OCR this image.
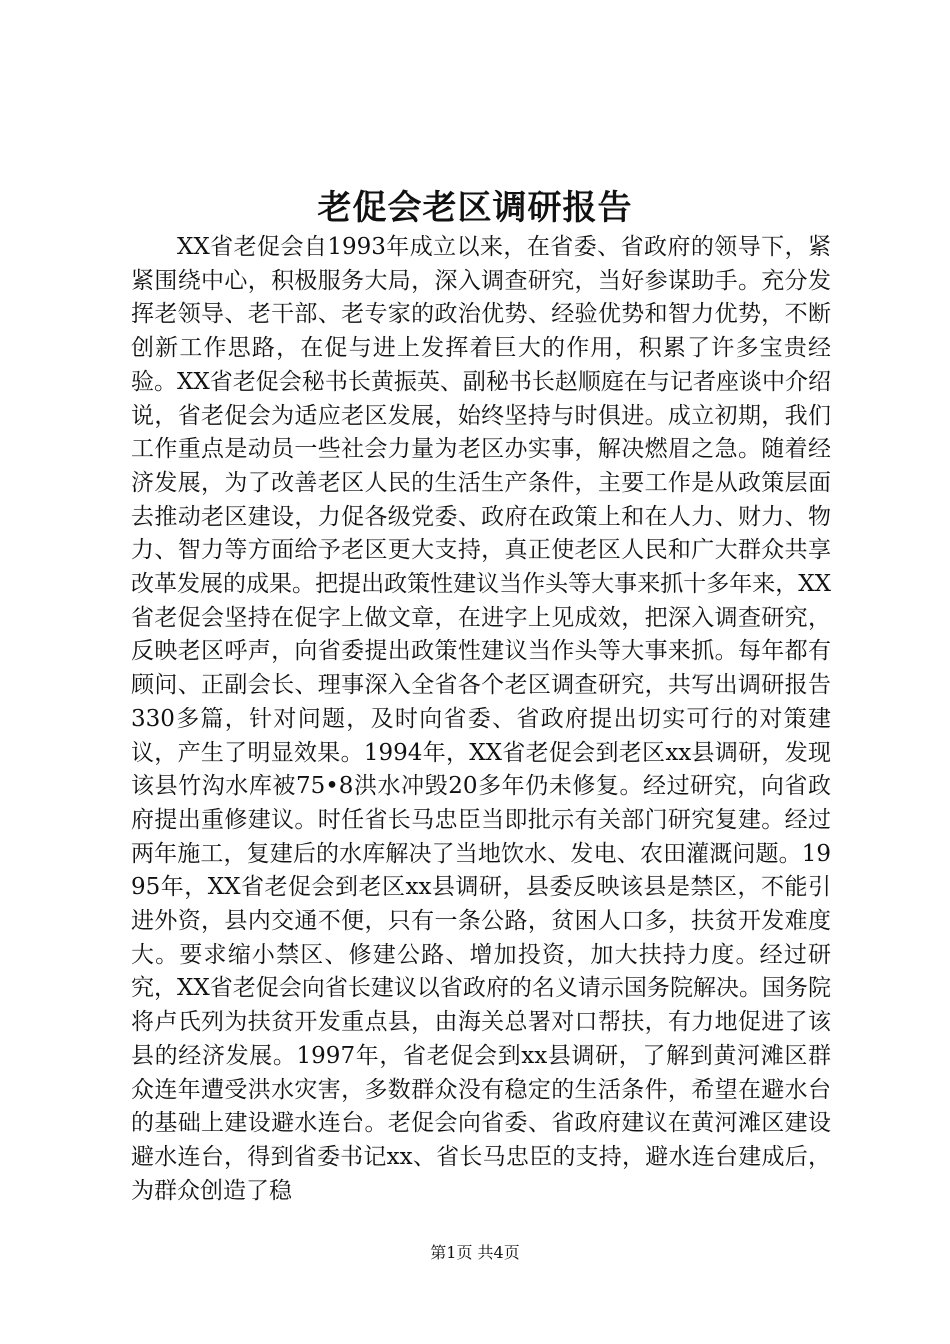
老促会老区调研报告

XX省老促会自1993年成立以来，在省委、省政府的领导下，紧紧围绕中心，积极服务大局，深入调查研究，当好参谋助手。充分发挥老领导、老干部、老专家的政治优势、经验优势和智力优势，不断创新工作思路，在促与进上发挥着巨大的作用，积累了许多宝贵经验。XX省老促会秘书长黄振英、副秘书长赵顺庭在与记者座谈中介绍说，省老促会为适应老区发展，始终坚持与时俱进。成立初期，我们工作重点是动员一些社会力量为老区办实事，解决燃眉之急。随着经济发展，为了改善老区人民的生活生产条件，主要工作是从政策层面去推动老区建设，力促各级党委、政府在政策上和在人力、财力、物力、智力等方面给予老区更大支持，真正使老区人民和广大群众共享改革发展的成果。把提出政策性建议当作头等大事来抓十多年来，XX省老促会坚持在促字上做文章，在进字上见成效，把深入调查研究，反映老区呼声，向省委提出政策性建议当作头等大事来抓。每年都有顾问、正副会长、理事深入全省各个老区调查研究，共写出调研报告330多篇，针对问题，及时向省委、省政府提出切实可行的对策建议，产生了明显效果。1994年，XX省老促会到老区xx县调研，发现该县竹沟水库被75•8洪水冲毁20多年仍未修复。经过研究，向省政府提出重修建议。时任省长马忠臣当即批示有关部门研究复建。经过两年施工，复建后的水库解决了当地饮水、发电、农田灌溉问题。1995年，XX省老促会到老区xx县调研，县委反映该县是禁区，不能引进外资，县内交通不便，只有一条公路，贫困人口多，扶贫开发难度大。要求缩小禁区、修建公路、增加投资，加大扶持力度。经过研究，XX省老促会向省长建议以省政府的名义请示国务院解决。国务院将卢氏列为扶贫开发重点县，由海关总署对口帮扶，有力地促进了该县的经济发展。1997年，省老促会到xx县调研，了解到黄河滩区群众连年遭受洪水灾害，多数群众没有稳定的生活条件，希望在避水台的基础上建设避水连台。老促会向省委、省政府建议在黄河滩区建设避水连台，得到省委书记xx、省长马忠臣的支持，避水连台建成后，为群众创造了稳

第1页 共4页
